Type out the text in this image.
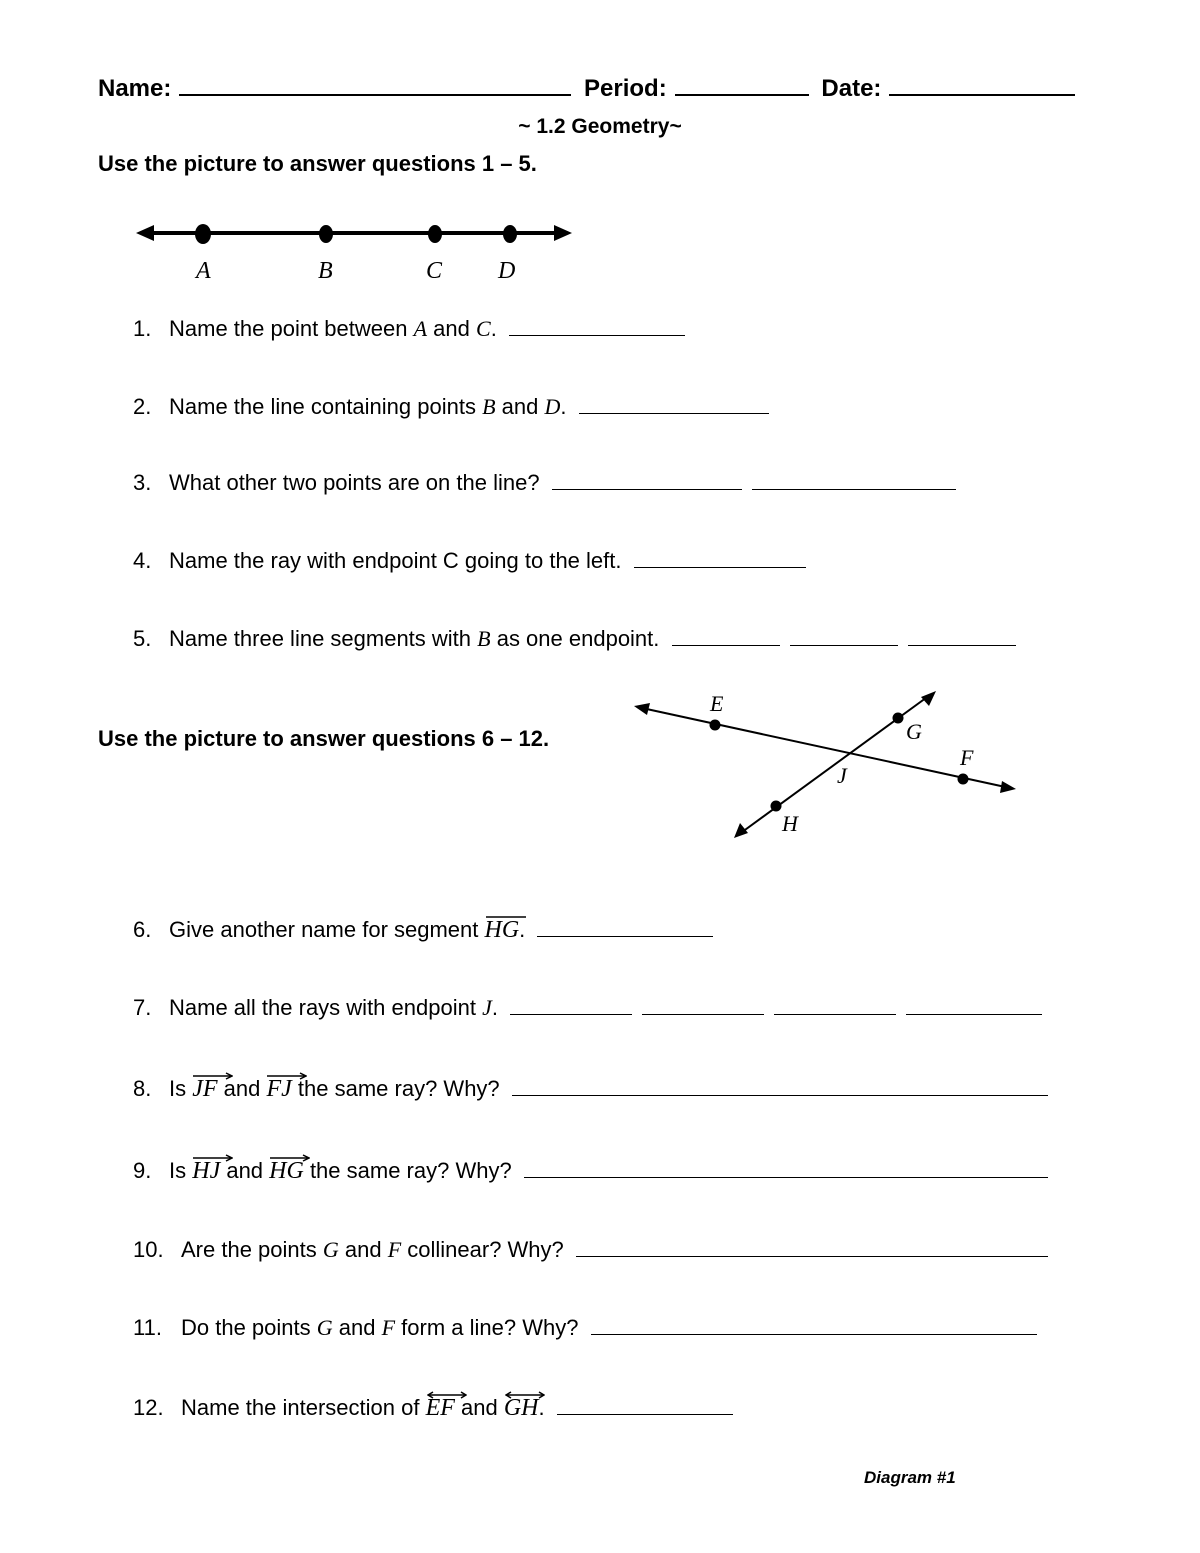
Name:	Period:	Date:
~ 1.2 Geometry~
Use the picture to answer questions 1 – 5.
A	B	C D
1. Name the point between A and C.
2. Name the line containing points B and D.
3. What other two points are on the line?
4. Name the ray with endpoint C going to the left.
5. Name three line segments with B as one endpoint.
Use the picture to answer questions 6 – 12.
E
G
F
J
H
6. Give another name for segment HG
.
7. Name all the rays with endpoint J.
8. Is JF
and FJ
the same ray? Why?
9. Is HJ
and HG
the same ray? Why?
10. Are the points G and F collinear? Why?
11. Do the points G and F form a line? Why?
12. Name the intersection of EF
and GH
.
Diagram #1
